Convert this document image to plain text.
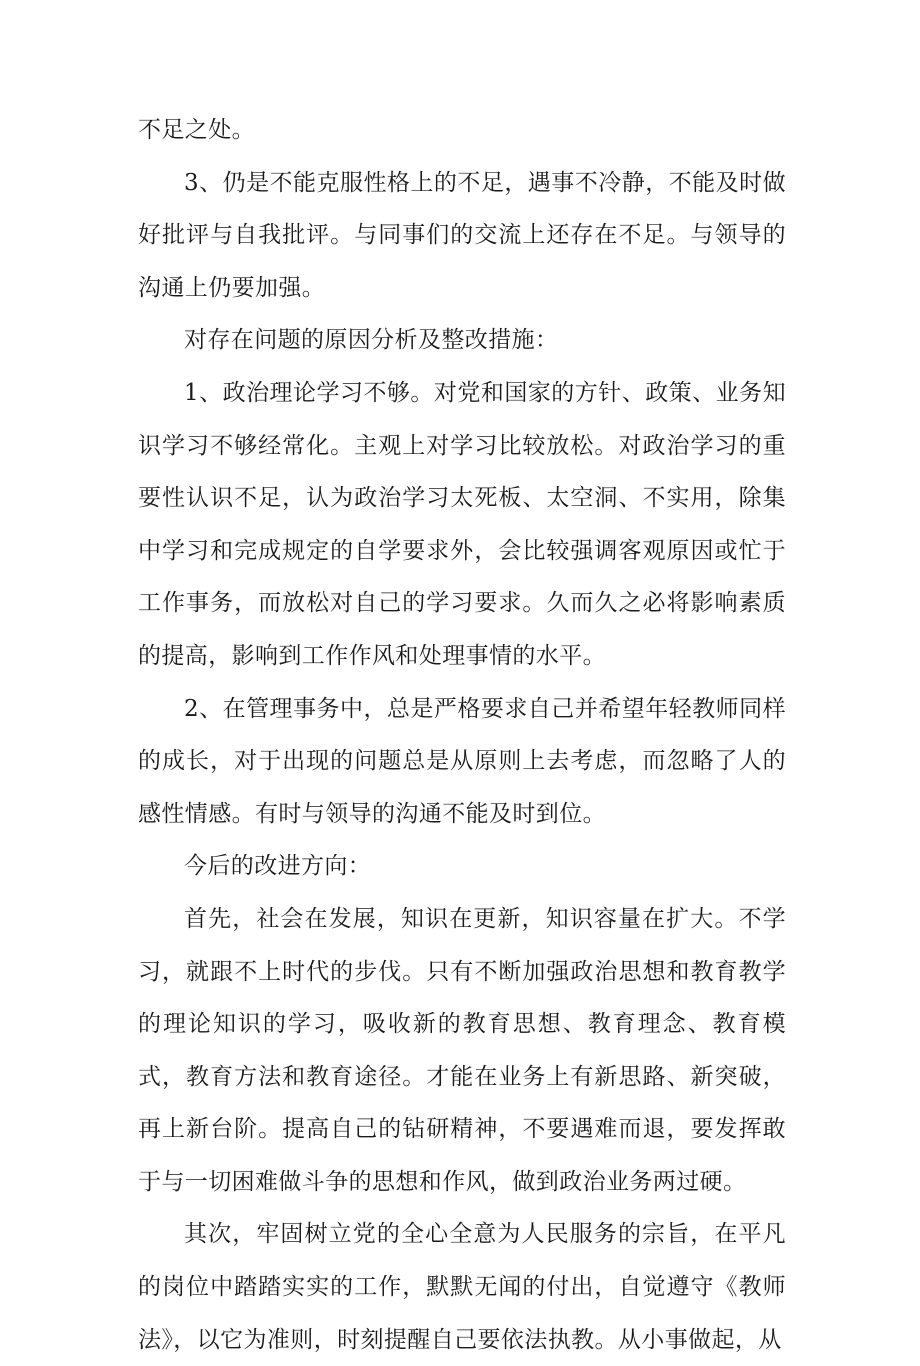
不足之处。

3、仍是不能克服性格上的不足，遇事不冷静，不能及时做好批评与自我批评。与同事们的交流上还存在不足。与领导的沟通上仍要加强。

对存在问题的原因分析及整改措施：

1、政治理论学习不够。对党和国家的方针、政策、业务知识学习不够经常化。主观上对学习比较放松。对政治学习的重要性认识不足，认为政治学习太死板、太空洞、不实用，除集中学习和完成规定的自学要求外，会比较强调客观原因或忙于工作事务，而放松对自己的学习要求。久而久之必将影响素质的提高，影响到工作作风和处理事情的水平。

2、在管理事务中，总是严格要求自己并希望年轻教师同样的成长，对于出现的问题总是从原则上去考虑，而忽略了人的感性情感。有时与领导的沟通不能及时到位。

今后的改进方向：

首先，社会在发展，知识在更新，知识容量在扩大。不学习，就跟不上时代的步伐。只有不断加强政治思想和教育教学的理论知识的学习，吸收新的教育思想、教育理念、教育模式，教育方法和教育途径。才能在业务上有新思路、新突破，再上新台阶。提高自己的钻研精神，不要遇难而退，要发挥敢于与一切困难做斗争的思想和作风，做到政治业务两过硬。

其次，牢固树立党的全心全意为人民服务的宗旨，在平凡的岗位中踏踏实实的工作，默默无闻的付出，自觉遵守《教师法》，以它为准则，时刻提醒自己要依法执教。从小事做起，从
